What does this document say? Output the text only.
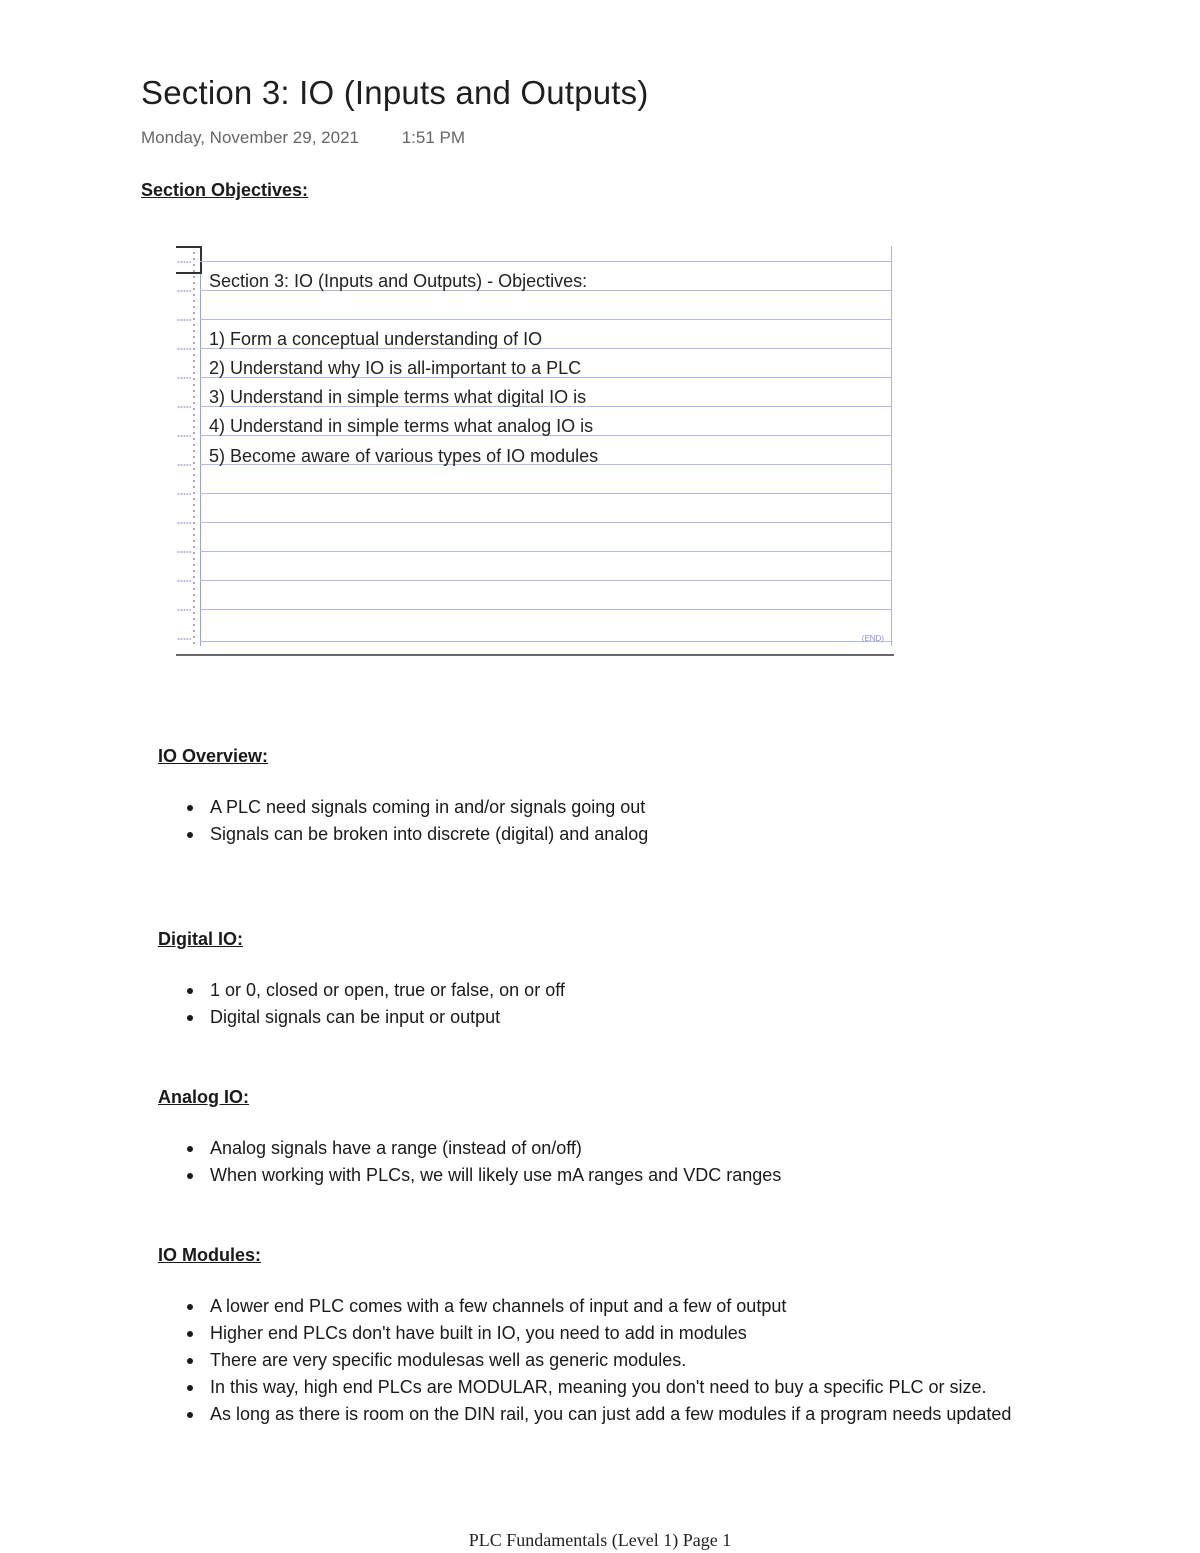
Section 3: IO (Inputs and Outputs)
Monday, November 29, 2021	1:51 PM
Section Objectives:
Section 3: IO (Inputs and Outputs) - Objectives:
1) Form a conceptual understanding of IO
2) Understand why IO is all-important to a PLC
3) Understand in simple terms what digital IO is
4) Understand in simple terms what analog IO is
5) Become aware of various types of IO modules
(END)
IO Overview:
A PLC need signals coming in and/or signals going out
Signals can be broken into discrete (digital) and analog
Digital IO:
1 or 0, closed or open, true or false, on or off
Digital signals can be input or output
Analog IO:
Analog signals have a range (instead of on/off)
When working with PLCs, we will likely use mA ranges and VDC ranges
IO Modules:
A lower end PLC comes with a few channels of input and a few of output
Higher end PLCs don't have built in IO, you need to add in modules
There are very specific modulesas well as generic modules.
In this way, high end PLCs are MODULAR, meaning you don't need to buy a specific PLC or size.
As long as there is room on the DIN rail, you can just add a few modules if a program needs updated
PLC Fundamentals (Level 1) Page 1
